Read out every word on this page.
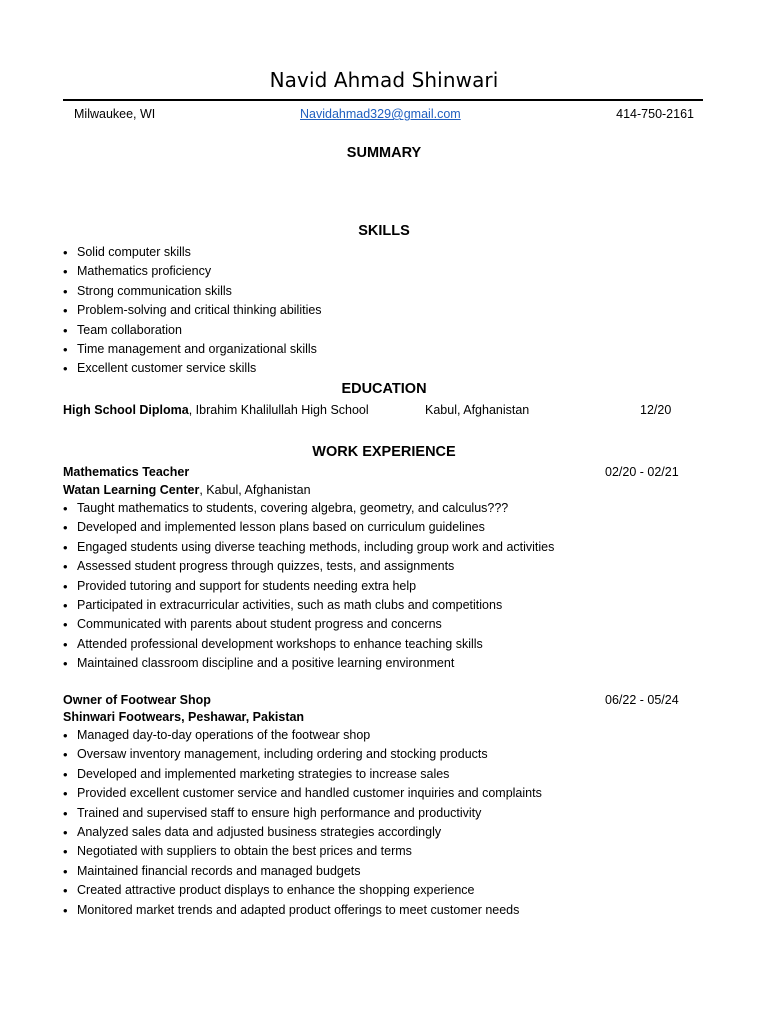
Navid Ahmad Shinwari
Milwaukee, WI	Navidahmad329@gmail.com	414-750-2161
SUMMARY
SKILLS
• Solid computer skills
• Mathematics proficiency
• Strong communication skills
• Problem-solving and critical thinking abilities
• Team collaboration
• Time management and organizational skills
• Excellent customer service skills
EDUCATION
High School Diploma, Ibrahim Khalilullah High School	Kabul, Afghanistan	12/20
WORK EXPERIENCE
Mathematics Teacher	02/20 - 02/21
Watan Learning Center, Kabul, Afghanistan
• Taught mathematics to students, covering algebra, geometry, and calculus???
• Developed and implemented lesson plans based on curriculum guidelines
• Engaged students using diverse teaching methods, including group work and activities
• Assessed student progress through quizzes, tests, and assignments
• Provided tutoring and support for students needing extra help
• Participated in extracurricular activities, such as math clubs and competitions
• Communicated with parents about student progress and concerns
• Attended professional development workshops to enhance teaching skills
• Maintained classroom discipline and a positive learning environment
Owner of Footwear Shop	06/22 - 05/24
Shinwari Footwears, Peshawar, Pakistan
• Managed day-to-day operations of the footwear shop
• Oversaw inventory management, including ordering and stocking products
• Developed and implemented marketing strategies to increase sales
• Provided excellent customer service and handled customer inquiries and complaints
• Trained and supervised staff to ensure high performance and productivity
• Analyzed sales data and adjusted business strategies accordingly
• Negotiated with suppliers to obtain the best prices and terms
• Maintained financial records and managed budgets
• Created attractive product displays to enhance the shopping experience
• Monitored market trends and adapted product offerings to meet customer needs
